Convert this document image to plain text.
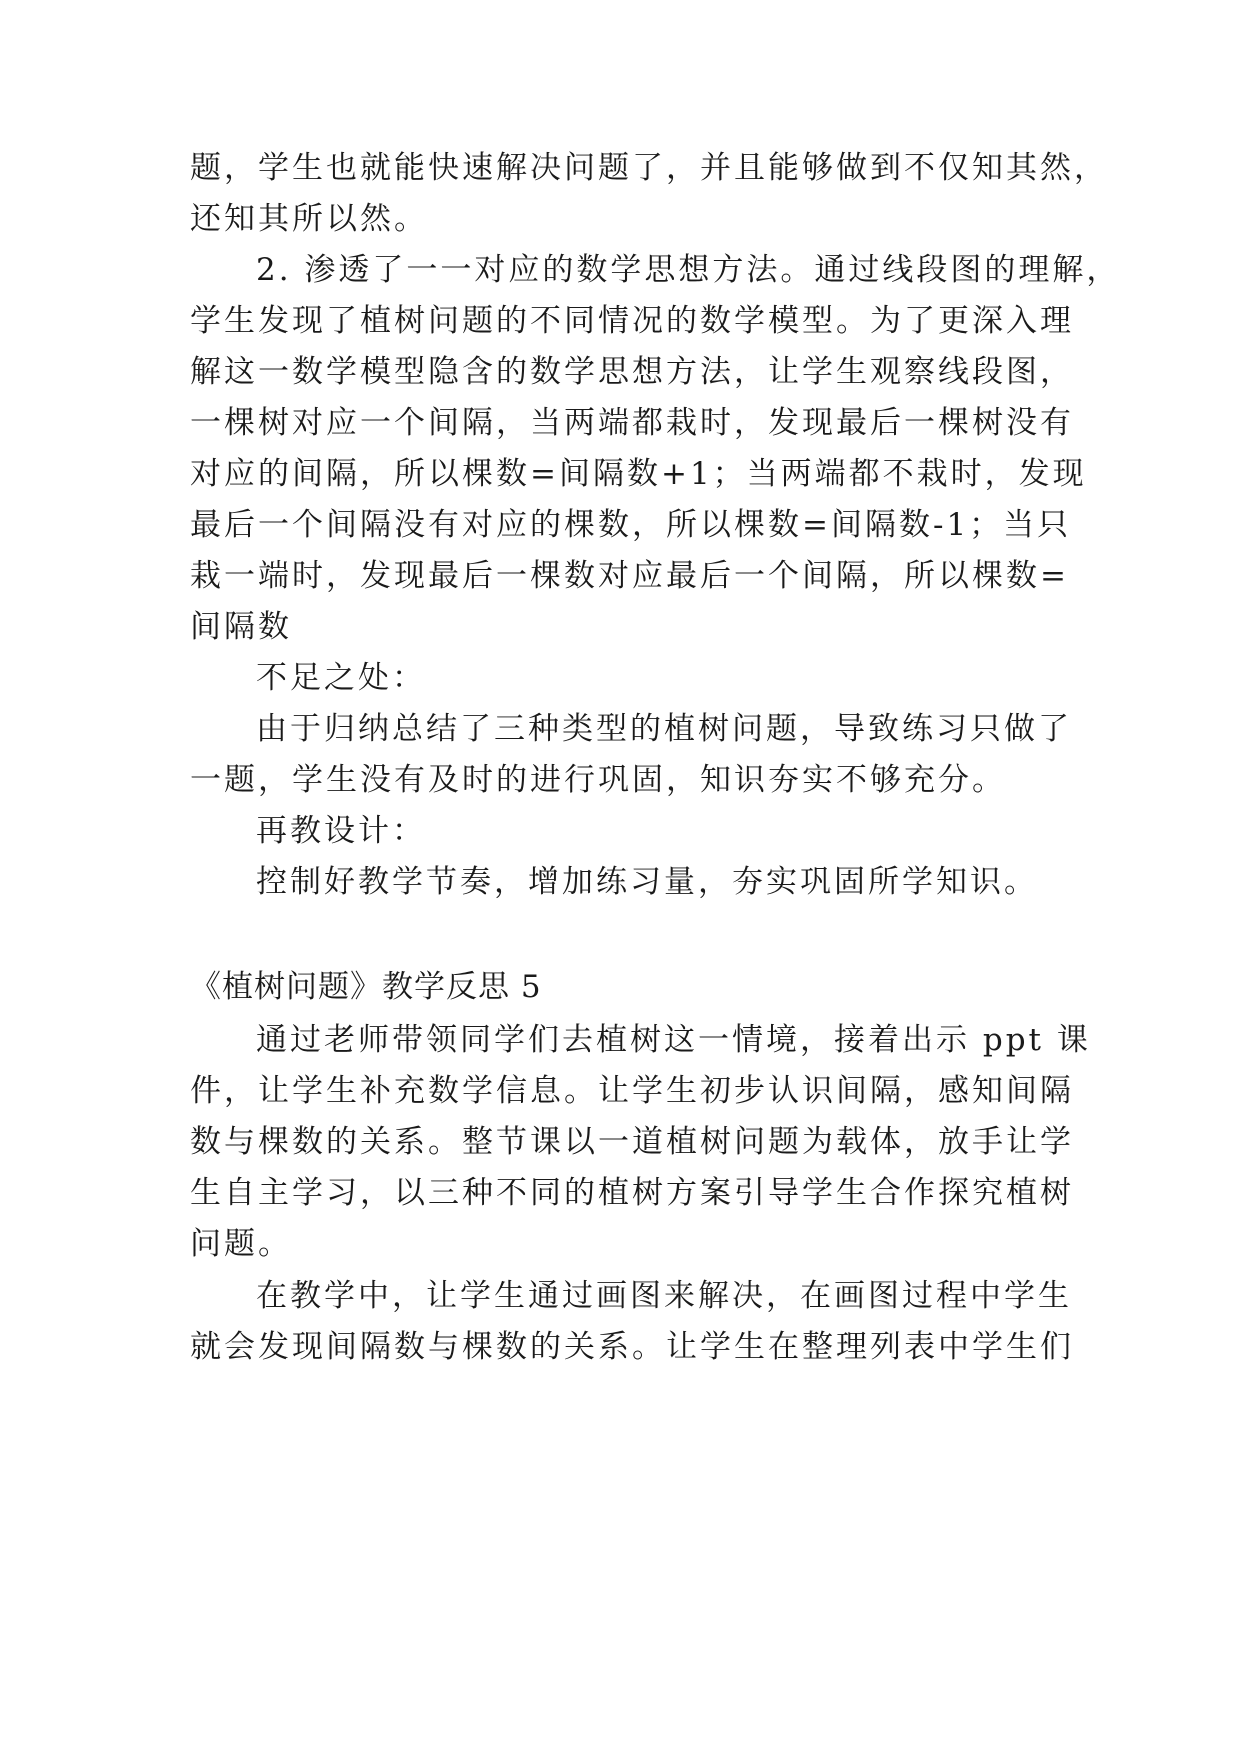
题，学生也就能快速解决问题了，并且能够做到不仅知其然，
还知其所以然。
2. 渗透了一一对应的数学思想方法。通过线段图的理解，
学生发现了植树问题的不同情况的数学模型。为了更深入理
解这一数学模型隐含的数学思想方法，让学生观察线段图，
一棵树对应一个间隔，当两端都栽时，发现最后一棵树没有
对应的间隔，所以棵数=间隔数+1；当两端都不栽时，发现
最后一个间隔没有对应的棵数，所以棵数=间隔数-1；当只
栽一端时，发现最后一棵数对应最后一个间隔，所以棵数=
间隔数
不足之处：
由于归纳总结了三种类型的植树问题，导致练习只做了
一题，学生没有及时的进行巩固，知识夯实不够充分。
再教设计：
控制好教学节奏，增加练习量，夯实巩固所学知识。
《植树问题》教学反思 5
通过老师带领同学们去植树这一情境，接着出示 ppt 课
件，让学生补充数学信息。让学生初步认识间隔，感知间隔
数与棵数的关系。整节课以一道植树问题为载体，放手让学
生自主学习，以三种不同的植树方案引导学生合作探究植树
问题。
在教学中，让学生通过画图来解决，在画图过程中学生
就会发现间隔数与棵数的关系。让学生在整理列表中学生们
